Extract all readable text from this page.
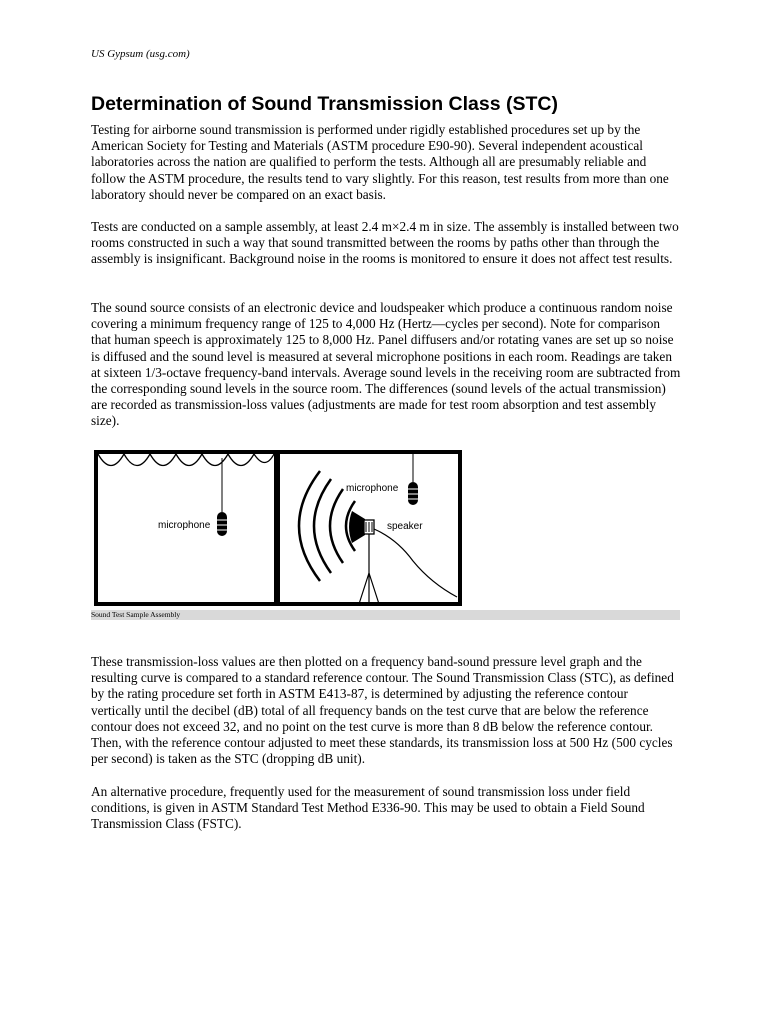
US Gypsum (usg.com)
Determination of Sound Transmission Class (STC)

Testing for airborne sound transmission is performed under rigidly established procedures set up by the American Society for Testing and Materials (ASTM procedure E90-90). Several independent acoustical laboratories across the nation are qualified to perform the tests. Although all are presumably reliable and follow the ASTM procedure, the results tend to vary slightly. For this reason, test results from more than one laboratory should never be compared on an exact basis.

Tests are conducted on a sample assembly, at least 2.4 m×2.4 m in size. The assembly is installed between two rooms constructed in such a way that sound transmitted between the rooms by paths other than through the assembly is insignificant. Background noise in the rooms is monitored to ensure it does not affect test results.

The sound source consists of an electronic device and loudspeaker which produce a continuous random noise covering a minimum frequency range of 125 to 4,000 Hz (Hertz—cycles per second). Note for comparison that human speech is approximately 125 to 8,000 Hz. Panel diffusers and/or rotating vanes are set up so noise is diffused and the sound level is measured at several microphone positions in each room. Readings are taken at sixteen 1/3-octave frequency-band intervals. Average sound levels in the receiving room are subtracted from the corresponding sound levels in the source room. The differences (sound levels of the actual transmission) are recorded as transmission-loss values (adjustments are made for test room absorption and test assembly size).

microphone
microphone
speaker
Sound Test Sample Assembly

These transmission-loss values are then plotted on a frequency band-sound pressure level graph and the resulting curve is compared to a standard reference contour. The Sound Transmission Class (STC), as defined by the rating procedure set forth in ASTM E413-87, is determined by adjusting the reference contour vertically until the decibel (dB) total of all frequency bands on the test curve that are below the reference contour does not exceed 32, and no point on the test curve is more than 8 dB below the reference contour. Then, with the reference contour adjusted to meet these standards, its transmission loss at 500 Hz (500 cycles per second) is taken as the STC (dropping dB unit).

An alternative procedure, frequently used for the measurement of sound transmission loss under field conditions, is given in ASTM Standard Test Method E336-90. This may be used to obtain a Field Sound Transmission Class (FSTC).
